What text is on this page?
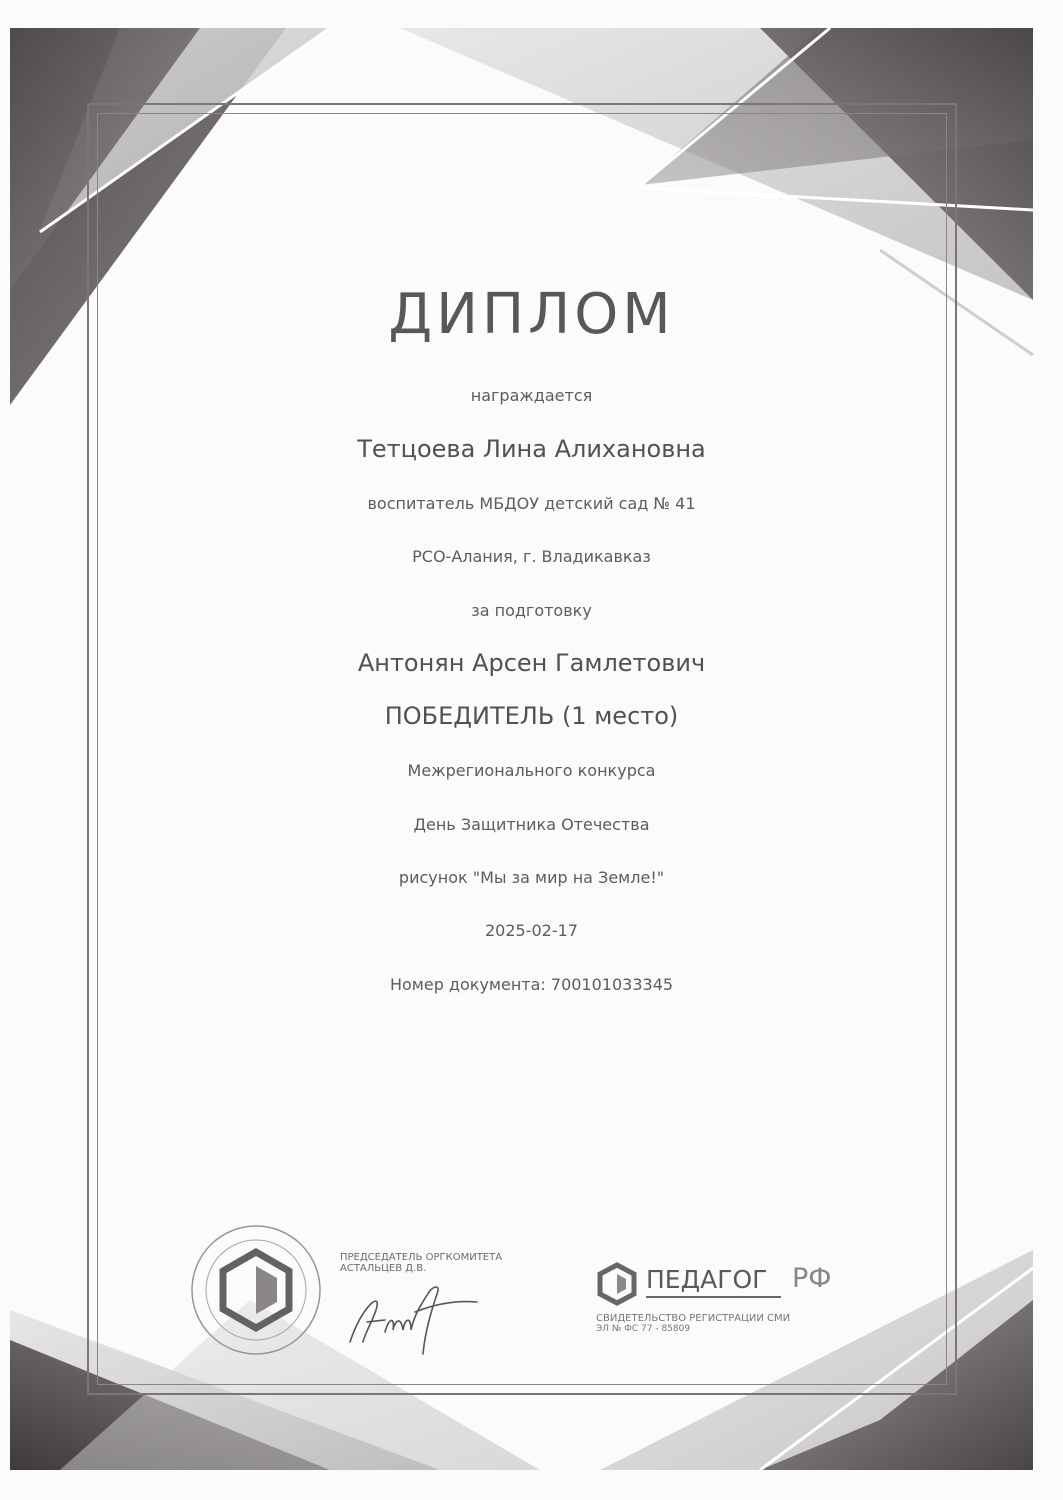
ДИПЛОМ
награждается
Тетцоева Лина Алихановна
воспитатель МБДОУ детский сад № 41
РСО-Алания, г. Владикавказ
за подготовку
Антонян Арсен Гамлетович
ПОБЕДИТЕЛЬ (1 место)
Межрегионального конкурса
День Защитника Отечества
рисунок "Мы за мир на Земле!"
2025-02-17
Номер документа: 700101033345
ПРЕДСЕДАТЕЛЬ ОРГКОМИТЕТА
АСТАЛЬЦЕВ Д.В.	ПЕДАГОГ РФ
СВИДЕТЕЛЬСТВО РЕГИСТРАЦИИ СМИ
ЭЛ № ФС 77 - 85809
